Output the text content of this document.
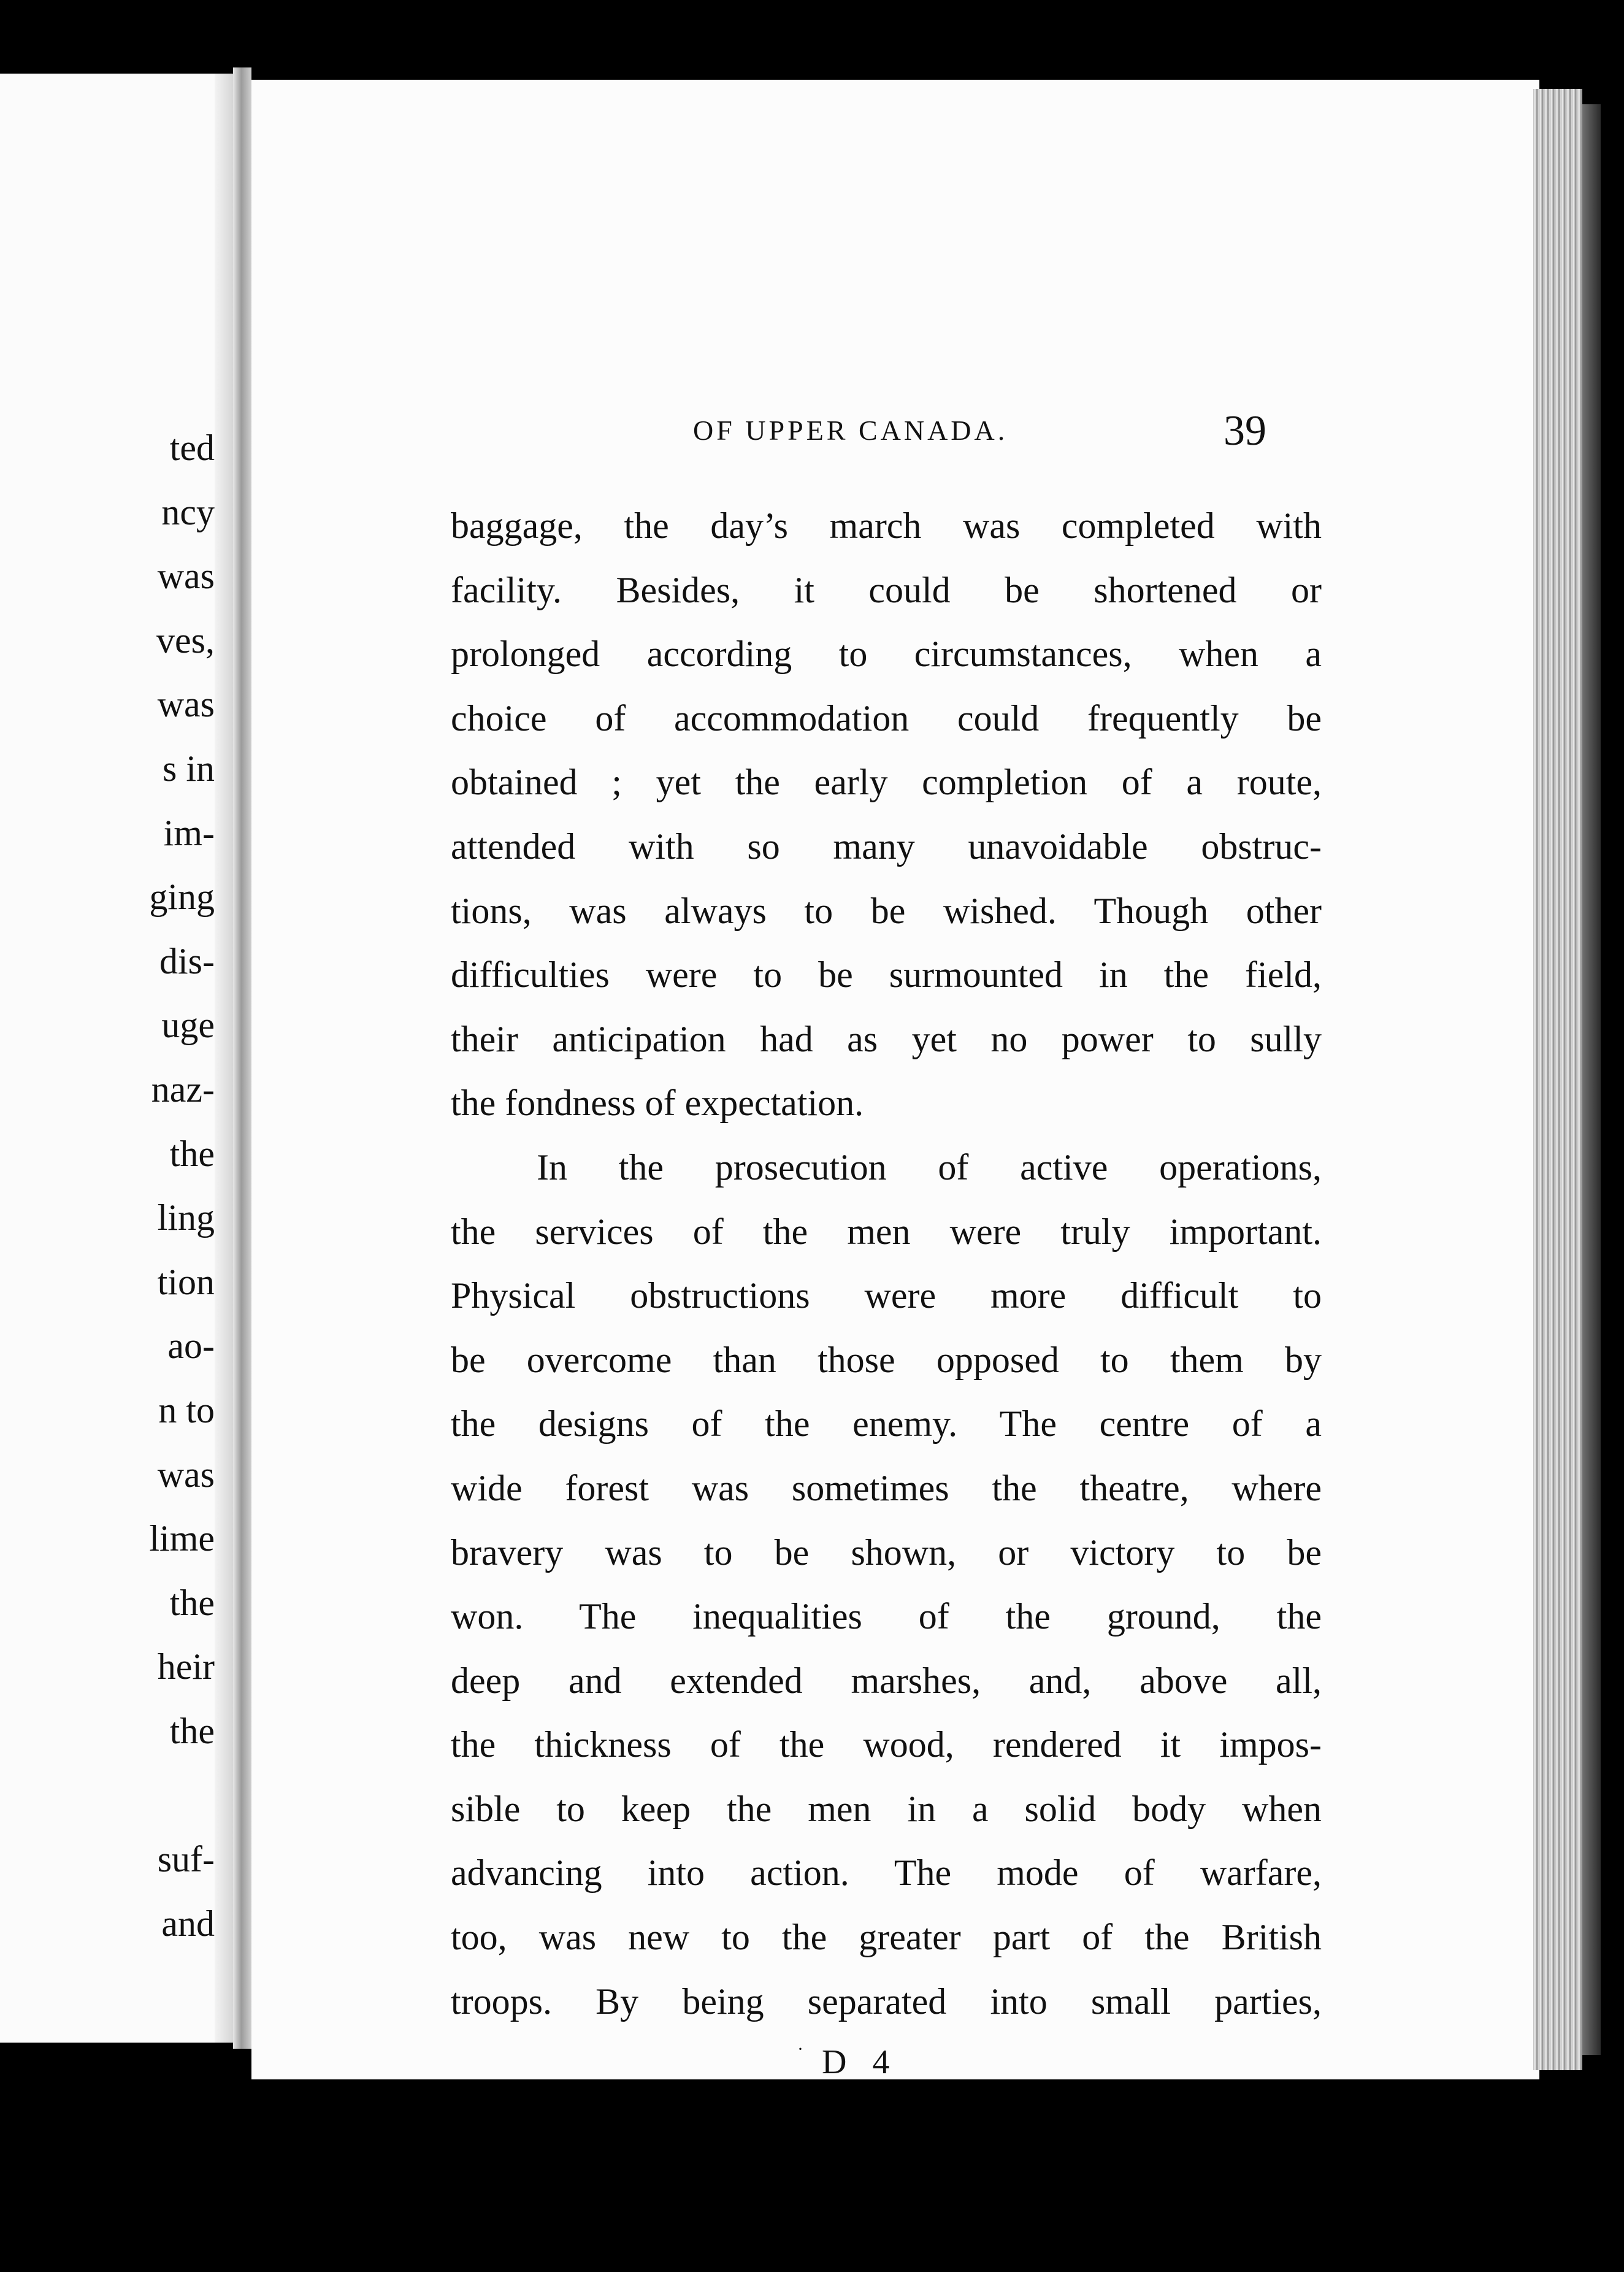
ted
ncy
was
ves,
was
s in
im-
ging
dis-
uge
naz-
the
ling
tion
ao-
n to
was
lime
the
heir
the
suf-
and
OF UPPER CANADA.	39
baggage, the day’s march was completed with
facility. Besides, it could be shortened or
prolonged according to circumstances, when a
choice of accommodation could frequently be
obtained ; yet the early completion of a route,
attended with so many unavoidable obstruc-
tions, was always to be wished. Though other
difficulties were to be surmounted in the field,
their anticipation had as yet no power to sully
the fondness of expectation.
In the prosecution of active operations,
the services of the men were truly important.
Physical obstructions were more difficult to
be overcome than those opposed to them by
the designs of the enemy. The centre of a
wide forest was sometimes the theatre, where
bravery was to be shown, or victory to be
won. The inequalities of the ground, the
deep and extended marshes, and, above all,
the thickness of the wood, rendered it impos-
sible to keep the men in a solid body when
advancing into action. The mode of warfare,
too, was new to the greater part of the British
troops. By being separated into small parties,
· D 4
